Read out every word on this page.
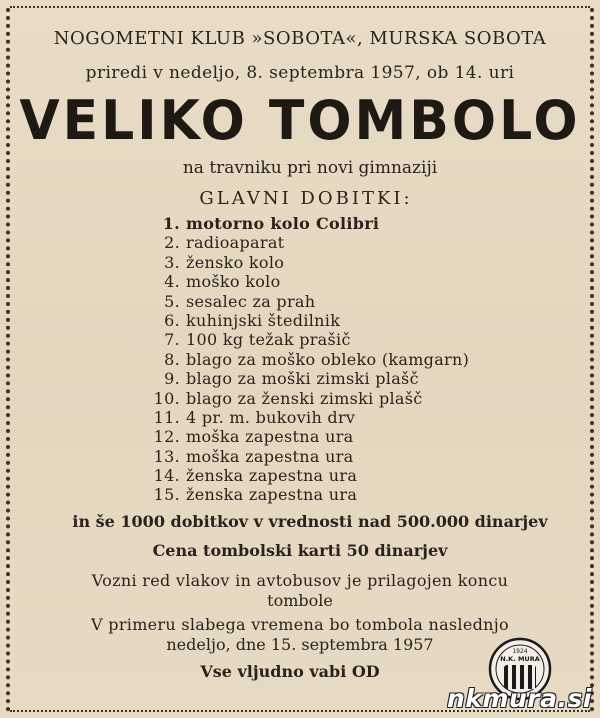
NOGOMETNI KLUB »SOBOTA«, MURSKA SOBOTA
priredi v nedeljo, 8. septembra 1957, ob 14. uri
VELIKO TOMBOLO
na travniku pri novi gimnaziji
GLAVNI DOBITKI:
1. motorno kolo Colibri
2. radioaparat
3. žensko kolo
4. moško kolo
5. sesalec za prah
6. kuhinjski štedilnik
7. 100 kg težak prašič
8. blago za moško obleko (kamgarn)
9. blago za moški zimski plašč
10. blago za ženski zimski plašč
11. 4 pr. m. bukovih drv
12. moška zapestna ura
13. moška zapestna ura
14. ženska zapestna ura
15. ženska zapestna ura
in še 1000 dobitkov v vrednosti nad 500.000 dinarjev
Cena tombolski karti 50 dinarjev
Vozni red vlakov in avtobusov je prilagojen koncu
tombole
V primeru slabega vremena bo tombola naslednjo
nedeljo, dne 15. septembra 1957
Vse vljudno vabi OD
1924
N.K. MURA
nkmura.si
